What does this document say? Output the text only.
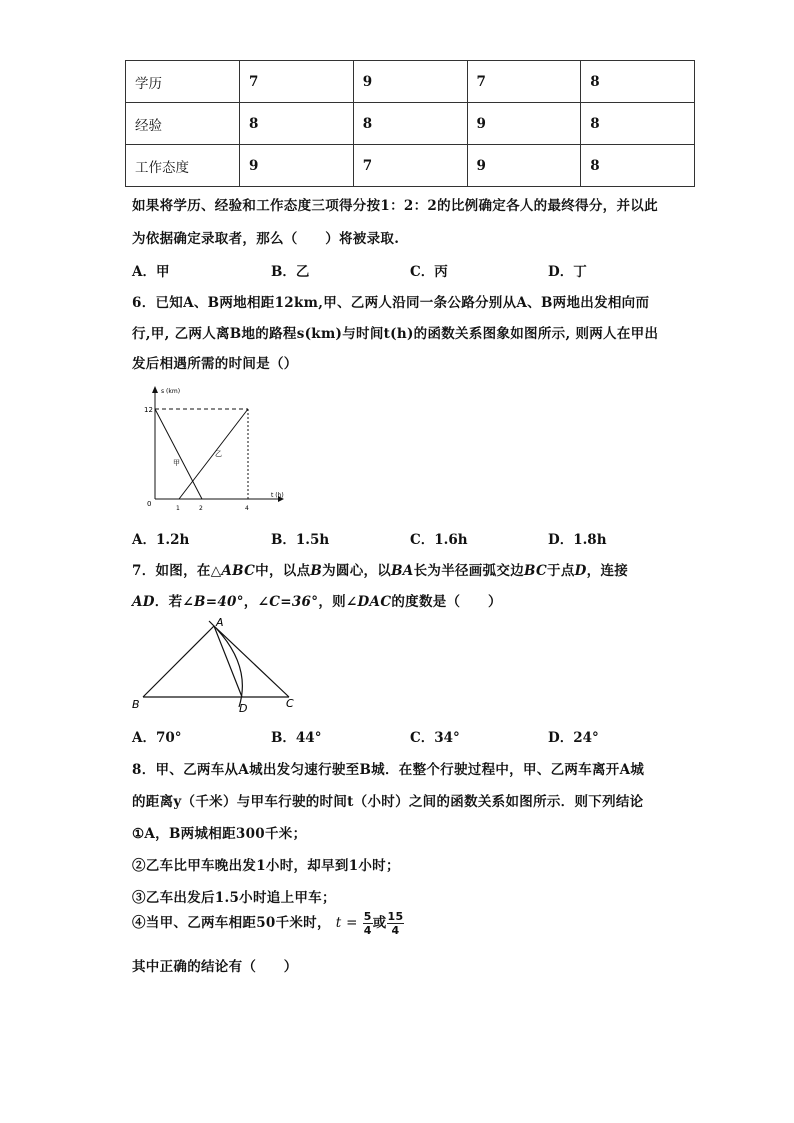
学历	7	9	7	8
经验	8	8	9	8
工作态度	9	7	9	8
如果将学历、经验和工作态度三项得分按1：2：2的比例确定各人的最终得分，并以此
为依据确定录取者，那么（　　）将被录取.
A．甲	B．乙	C．丙	D．丁
6．已知A、B两地相距12km,甲、乙两人沿同一条公路分别从A、B两地出发相向而
行,甲, 乙两人离B地的路程s(km)与时间t(h)的函数关系图象如图所示, 则两人在甲出
发后相遇所需的时间是（）
s (km)
t (h)
12
0
1	2	4
甲
乙
A．1.2h	B．1.5h	C．1.6h	D．1.8h
7．如图，在△ABC中，以点B为圆心，以BA长为半径画弧交边BC于点D，连接
AD．若∠B=40°，∠C=36°，则∠DAC的度数是（　　）
A
B	C
D
A．70°	B．44°	C．34°	D．24°
8．甲、乙两车从A城出发匀速行驶至B城．在整个行驶过程中，甲、乙两车离开A城
的距离y（千米）与甲车行驶的时间t（小时）之间的函数关系如图所示．则下列结论
①A，B两城相距300千米；
②乙车比甲车晚出发1小时，却早到1小时；
③乙车出发后1.5小时追上甲车；
④当甲、乙两车相距50千米时， $t = \frac{5}{4}$ 或 $\frac{15}{4}$
其中正确的结论有（　　）
